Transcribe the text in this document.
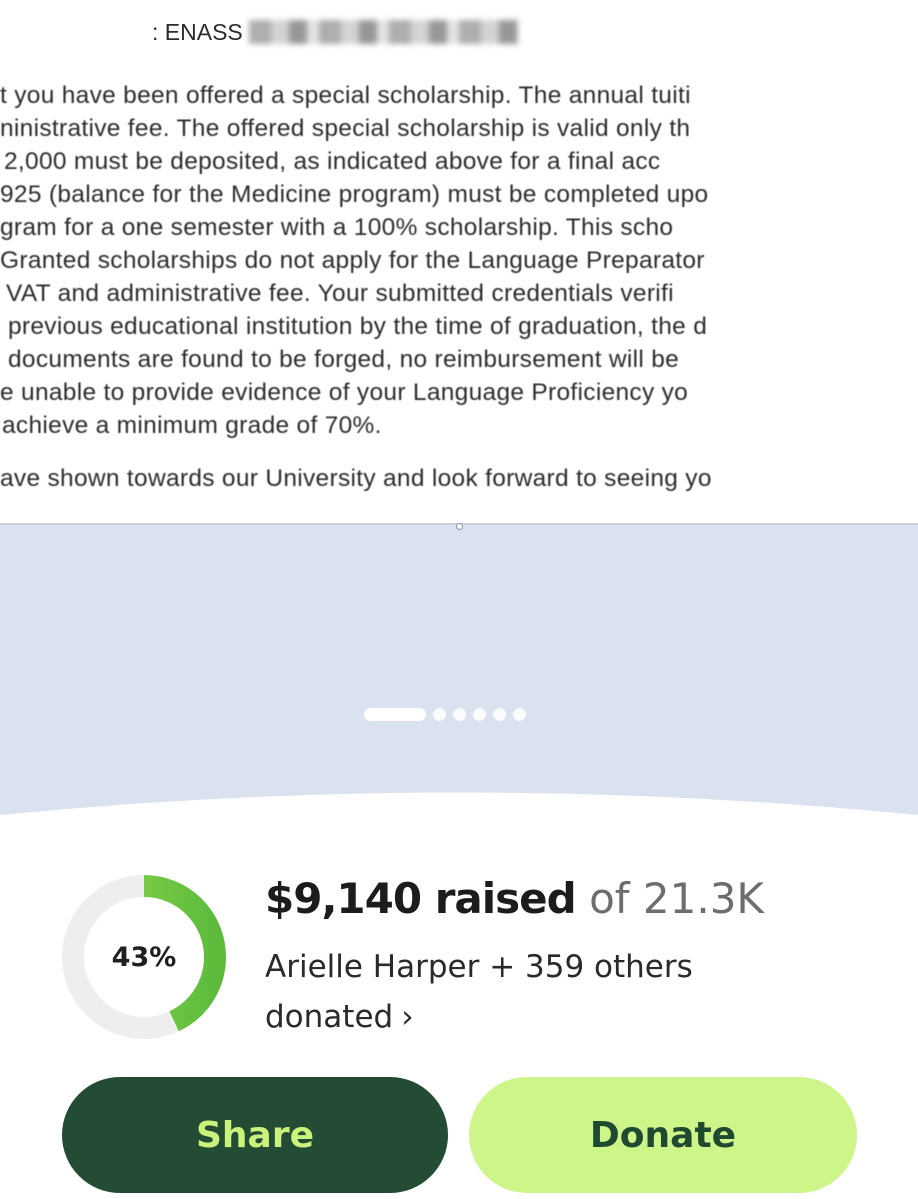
: ENASS
t you have been offered a special scholarship. The annual tuiti
ninistrative fee. The offered special scholarship is valid only th
2,000 must be deposited, as indicated above for a final acc
925 (balance for the Medicine program) must be completed upo
gram for a one semester with a 100% scholarship. This scho
Granted scholarships do not apply for the Language Preparator
VAT and administrative fee. Your submitted credentials verifi
previous educational institution by the time of graduation, the d
documents are found to be forged, no reimbursement will be
e unable to provide evidence of your Language Proficiency yo
achieve a minimum grade of 70%.
ave shown towards our University and look forward to seeing yo
43%
$9,140 raised of 21.3K
Arielle Harper + 359 others
donated ›
Share	Donate
